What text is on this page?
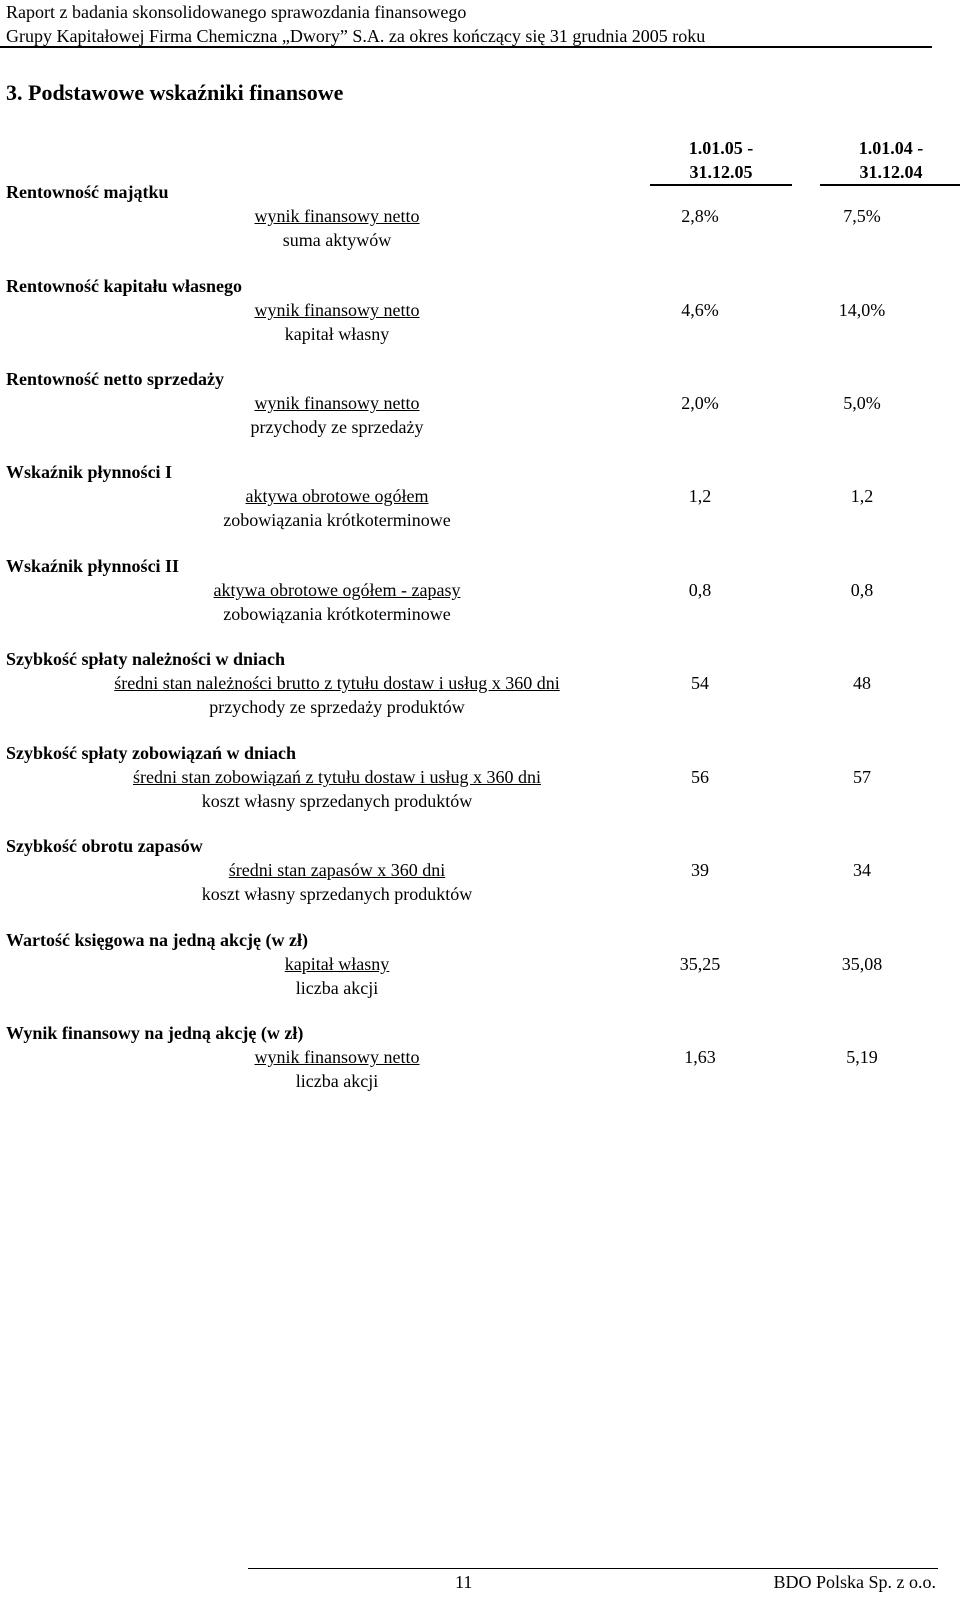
Raport z badania skonsolidowanego sprawozdania finansowego
Grupy Kapitałowej Firma Chemiczna „Dwory” S.A. za okres kończący się 31 grudnia 2005 roku
3. Podstawowe wskaźniki finansowe
1.01.05 -
31.12.05
1.01.04 -
31.12.04
Rentowność majątku
wynik finansowy netto
suma aktywów
2,8%	7,5%
Rentowność kapitału własnego
wynik finansowy netto
kapitał własny
4,6%	14,0%
Rentowność netto sprzedaży
wynik finansowy netto
przychody ze sprzedaży
2,0%	5,0%
Wskaźnik płynności I
aktywa obrotowe ogółem
zobowiązania krótkoterminowe
1,2	1,2
Wskaźnik płynności II
aktywa obrotowe ogółem - zapasy
zobowiązania krótkoterminowe
0,8	0,8
Szybkość spłaty należności w dniach
średni stan należności brutto z tytułu dostaw i usług x 360 dni
przychody ze sprzedaży produktów
54	48
Szybkość spłaty zobowiązań w dniach
średni stan zobowiązań z tytułu dostaw i usług x 360 dni
koszt własny sprzedanych produktów
56	57
Szybkość obrotu zapasów
średni stan zapasów x 360 dni
koszt własny sprzedanych produktów
39	34
Wartość księgowa na jedną akcję (w zł)
kapitał własny
liczba akcji
35,25	35,08
Wynik finansowy na jedną akcję (w zł)
wynik finansowy netto
liczba akcji
1,63	5,19
11	BDO Polska Sp. z o.o.
